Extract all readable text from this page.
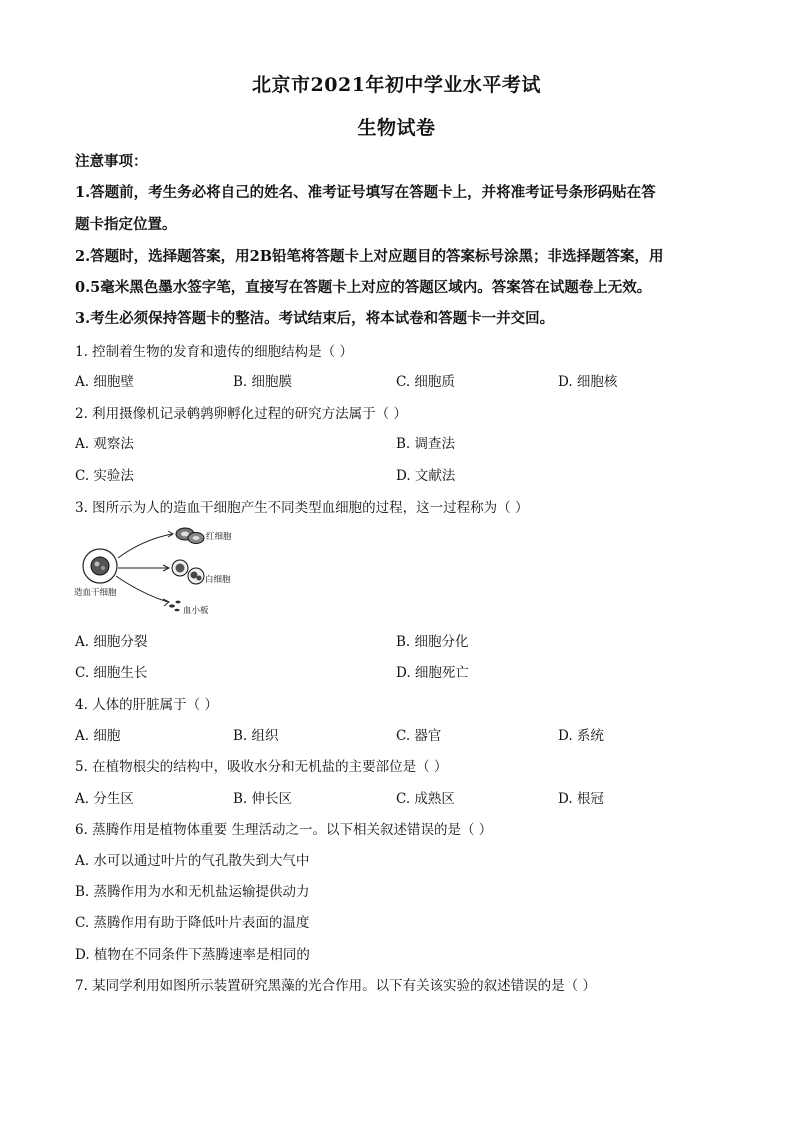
北京市2021年初中学业水平考试
生物试卷
注意事项：
1.答题前，考生务必将自己的姓名、准考证号填写在答题卡上，并将准考证号条形码贴在答
题卡指定位置。
2.答题时，选择题答案，用2B铅笔将答题卡上对应题目的答案标号涂黑；非选择题答案，用
0.5毫米黑色墨水签字笔，直接写在答题卡上对应的答题区域内。答案答在试题卷上无效。
3.考生必须保持答题卡的整洁。考试结束后，将本试卷和答题卡一并交回。
1. 控制着生物的发育和遗传的细胞结构是（ ）
A. 细胞壁	B. 细胞膜	C. 细胞质	D. 细胞核
2. 利用摄像机记录鹌鹑卵孵化过程的研究方法属于（ ）
A. 观察法	B. 调查法
C. 实验法	D. 文献法
3. 图所示为人的造血干细胞产生不同类型血细胞的过程，这一过程称为（ ）
红细胞
白细胞
血小板
造血干细胞
A. 细胞分裂	B. 细胞分化
C. 细胞生长	D. 细胞死亡
4. 人体的肝脏属于（ ）
A. 细胞	B. 组织	C. 器官	D. 系统
5. 在植物根尖的结构中，吸收水分和无机盐的主要部位是（ ）
A. 分生区	B. 伸长区	C. 成熟区	D. 根冠
6. 蒸腾作用是植物体重要 生理活动之一。以下相关叙述错误的是（ ）
A. 水可以通过叶片的气孔散失到大气中
B. 蒸腾作用为水和无机盐运输提供动力
C. 蒸腾作用有助于降低叶片表面的温度
D. 植物在不同条件下蒸腾速率是相同的
7. 某同学利用如图所示装置研究黑藻的光合作用。以下有关该实验的叙述错误的是（ ）
